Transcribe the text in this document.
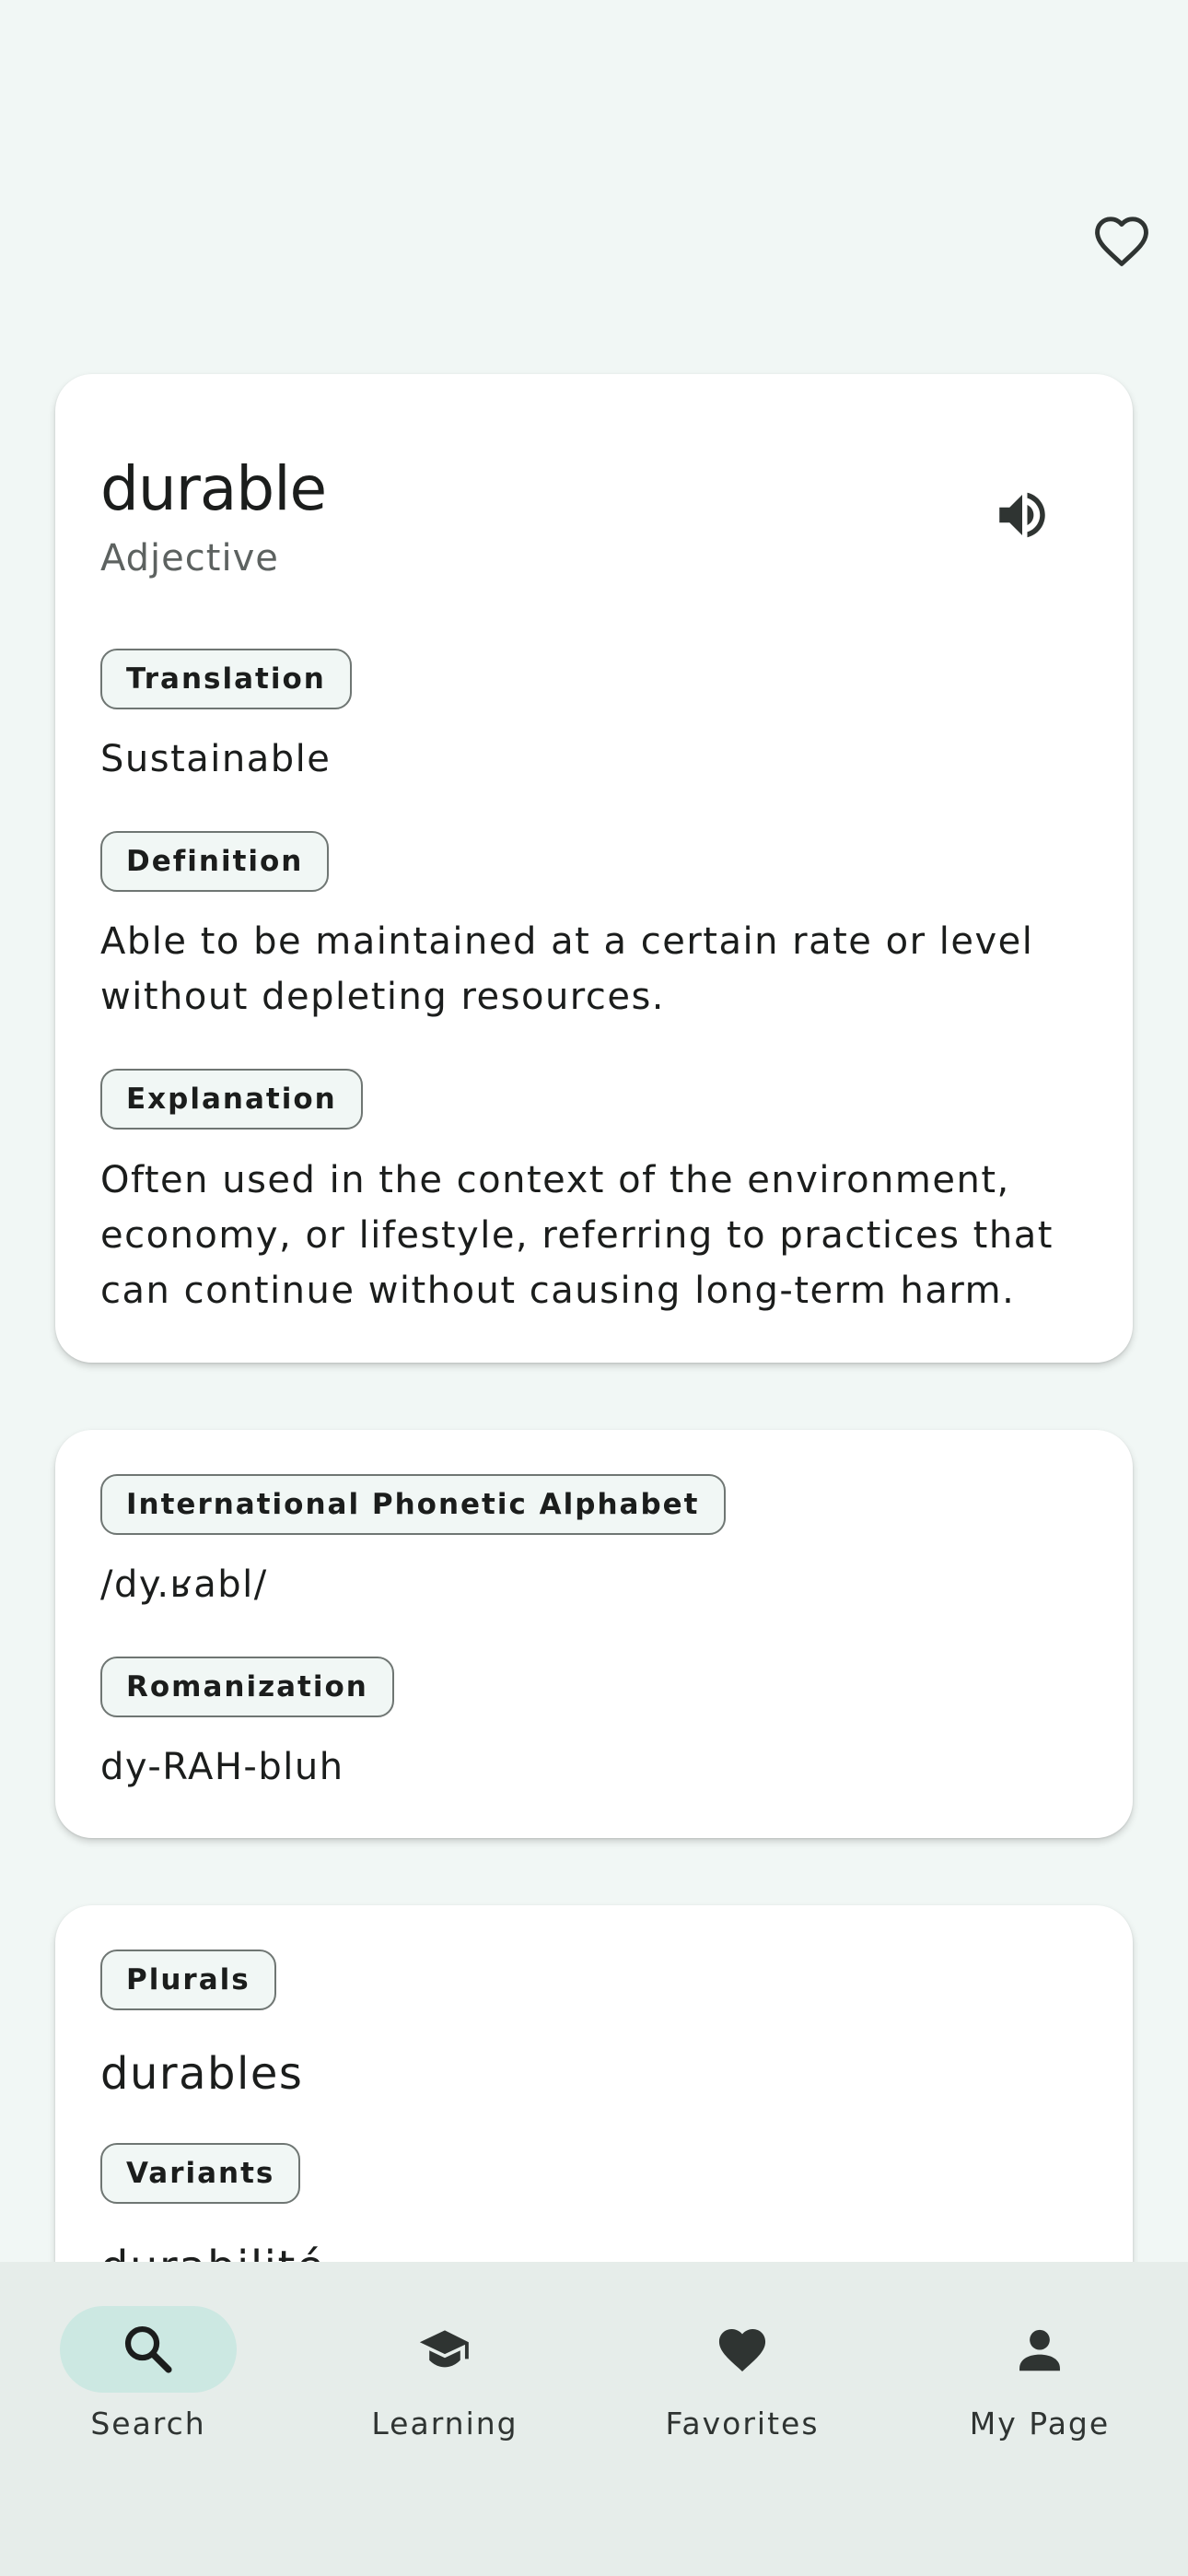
durable
Adjective
Translation
Sustainable
Definition
Able to be maintained at a certain rate or level without depleting resources.
Explanation
Often used in the context of the environment, economy, or lifestyle, referring to practices that can continue without causing long-term harm.
International Phonetic Alphabet
/dy.ʁabl/
Romanization
dy-RAH-bluh
Plurals
durables
Variants
Search	Learning	Favorites	My Page
